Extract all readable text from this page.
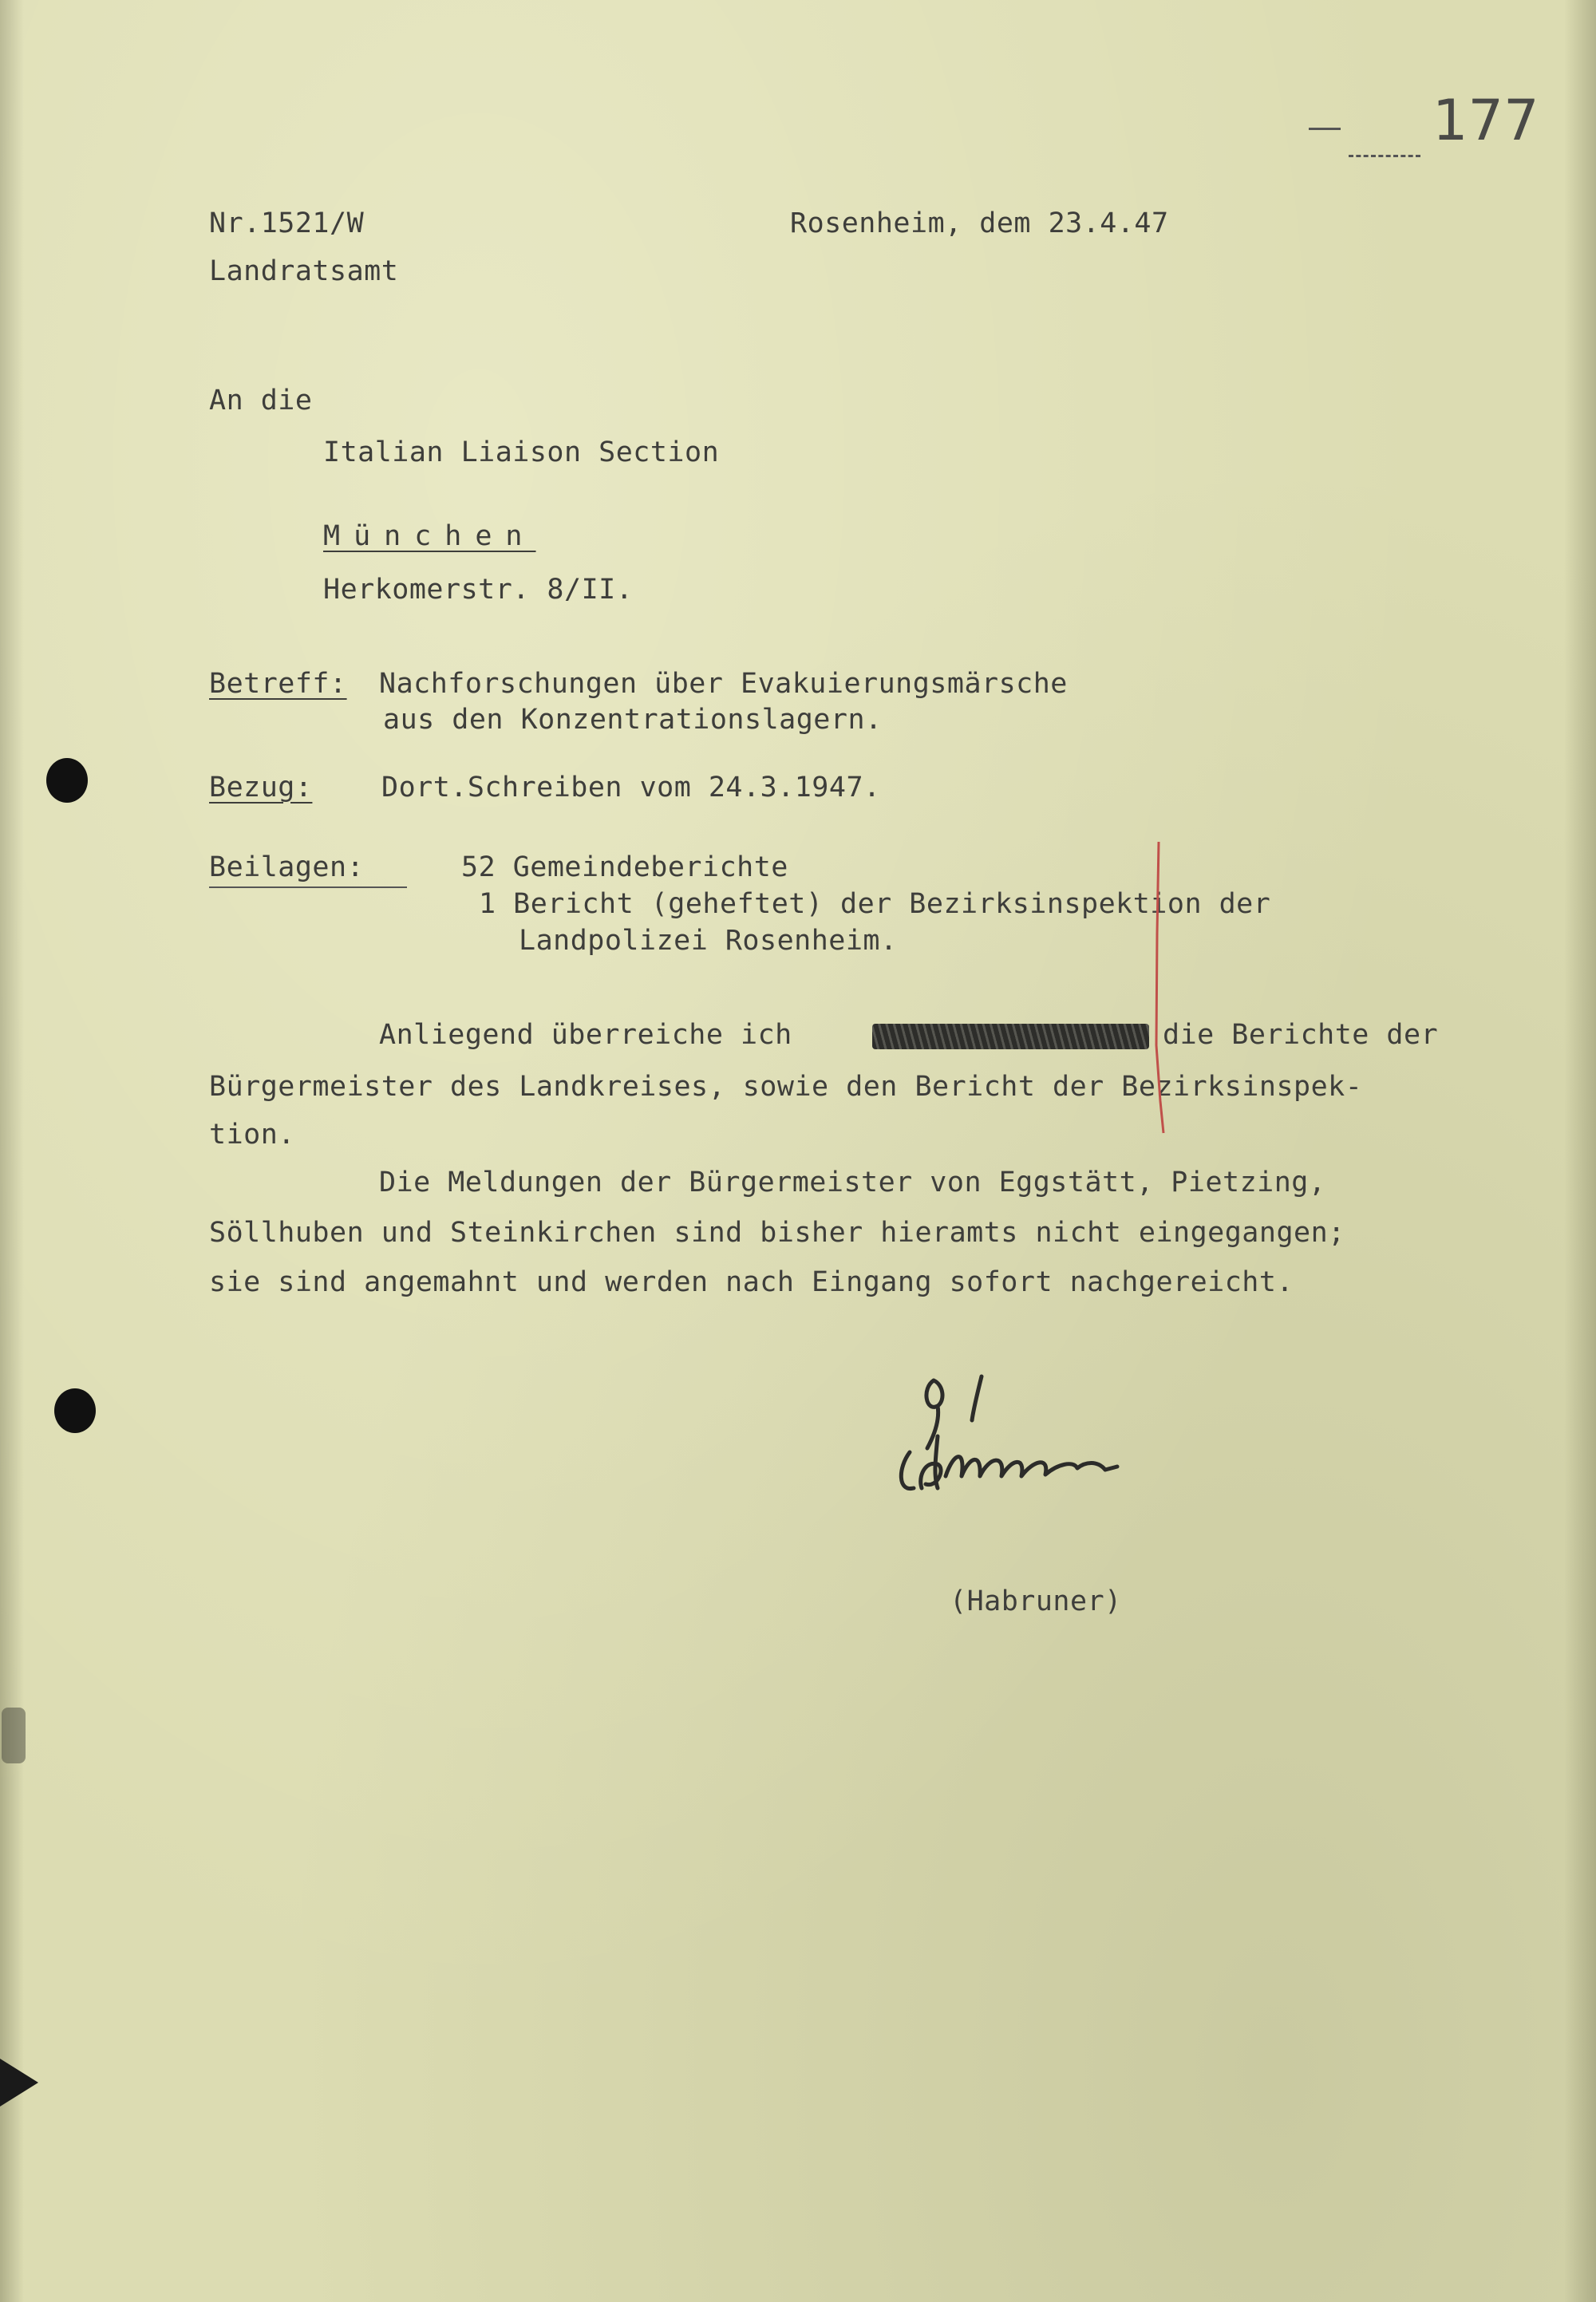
177
Nr.1521/W
Landratsamt
Rosenheim, dem 23.4.47
An die
Italian Liaison Section
München
Herkomerstr. 8/II.
Betreff: Nachforschungen über Evakuierungsmärsche
aus den Konzentrationslagern.
Bezug: Dort.Schreiben vom 24.3.1947.
Beilagen:	52 Gemeindeberichte
1 Bericht (geheftet) der Bezirksinspektion der
Landpolizei Rosenheim.
Anliegend überreiche ich	die Berichte der
Bürgermeister des Landkreises, sowie den Bericht der Bezirksinspek-
tion.
Die Meldungen der Bürgermeister von Eggstätt, Pietzing,
Söllhuben und Steinkirchen sind bisher hieramts nicht eingegangen;
sie sind angemahnt und werden nach Eingang sofort nachgereicht.
(Habruner)
